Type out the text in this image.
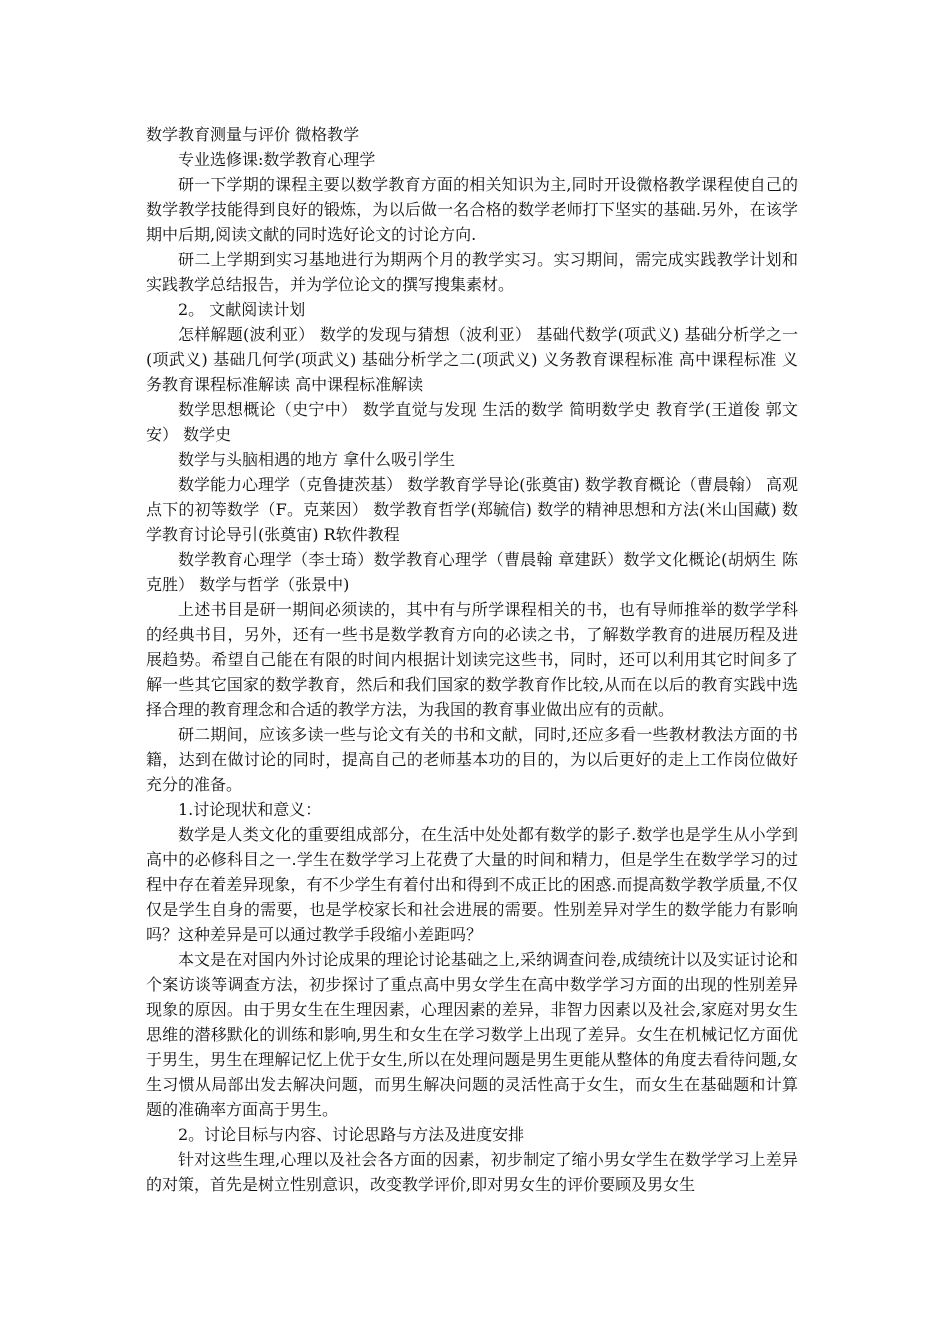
数学教育测量与评价 微格教学

专业选修课:数学教育心理学

研一下学期的课程主要以数学教育方面的相关知识为主,同时开设微格教学课程使自己的数学教学技能得到良好的锻炼，为以后做一名合格的数学老师打下坚实的基础.另外，在该学期中后期,阅读文献的同时选好论文的讨论方向.

研二上学期到实习基地进行为期两个月的教学实习。实习期间，需完成实践教学计划和实践教学总结报告，并为学位论文的撰写搜集素材。

2。 文献阅读计划

怎样解题(波利亚） 数学的发现与猜想（波利亚） 基础代数学(项武义) 基础分析学之一(项武义) 基础几何学(项武义) 基础分析学之二(项武义) 义务教育课程标准 高中课程标准 义务教育课程标准解读 高中课程标准解读

数学思想概论（史宁中） 数学直觉与发现 生活的数学 简明数学史 教育学(王道俊 郭文安） 数学史

数学与头脑相遇的地方 拿什么吸引学生

数学能力心理学（克鲁捷茨基） 数学教育学导论(张奠宙) 数学教育概论（曹晨翰） 高观点下的初等数学（F。克莱因） 数学教育哲学(郑毓信) 数学的精神思想和方法(米山国藏) 数学教育讨论导引(张奠宙) R软件教程

数学教育心理学（李士琦）数学教育心理学（曹晨翰 章建跃）数学文化概论(胡炳生 陈克胜） 数学与哲学（张景中)

上述书目是研一期间必须读的，其中有与所学课程相关的书，也有导师推举的数学学科的经典书目，另外，还有一些书是数学教育方向的必读之书，了解数学教育的进展历程及进展趋势。希望自己能在有限的时间内根据计划读完这些书，同时，还可以利用其它时间多了解一些其它国家的数学教育，然后和我们国家的数学教育作比较,从而在以后的教育实践中选择合理的教育理念和合适的教学方法，为我国的教育事业做出应有的贡献。

研二期间，应该多读一些与论文有关的书和文献，同时,还应多看一些教材教法方面的书籍，达到在做讨论的同时，提高自己的老师基本功的目的，为以后更好的走上工作岗位做好充分的准备。

1.讨论现状和意义：

数学是人类文化的重要组成部分，在生活中处处都有数学的影子.数学也是学生从小学到高中的必修科目之一.学生在数学学习上花费了大量的时间和精力，但是学生在数学学习的过程中存在着差异现象，有不少学生有着付出和得到不成正比的困惑.而提高数学教学质量,不仅仅是学生自身的需要，也是学校家长和社会进展的需要。性别差异对学生的数学能力有影响吗？这种差异是可以通过教学手段缩小差距吗？

本文是在对国内外讨论成果的理论讨论基础之上,采纳调查问卷,成绩统计以及实证讨论和个案访谈等调查方法，初步探讨了重点高中男女学生在高中数学学习方面的出现的性别差异现象的原因。由于男女生在生理因素，心理因素的差异，非智力因素以及社会,家庭对男女生思维的潜移默化的训练和影响,男生和女生在学习数学上出现了差异。女生在机械记忆方面优于男生，男生在理解记忆上优于女生,所以在处理问题是男生更能从整体的角度去看待问题,女生习惯从局部出发去解决问题，而男生解决问题的灵活性高于女生，而女生在基础题和计算题的准确率方面高于男生。

2。讨论目标与内容、讨论思路与方法及进度安排

针对这些生理,心理以及社会各方面的因素，初步制定了缩小男女学生在数学学习上差异的对策，首先是树立性别意识，改变教学评价,即对男女生的评价要顾及男女生
